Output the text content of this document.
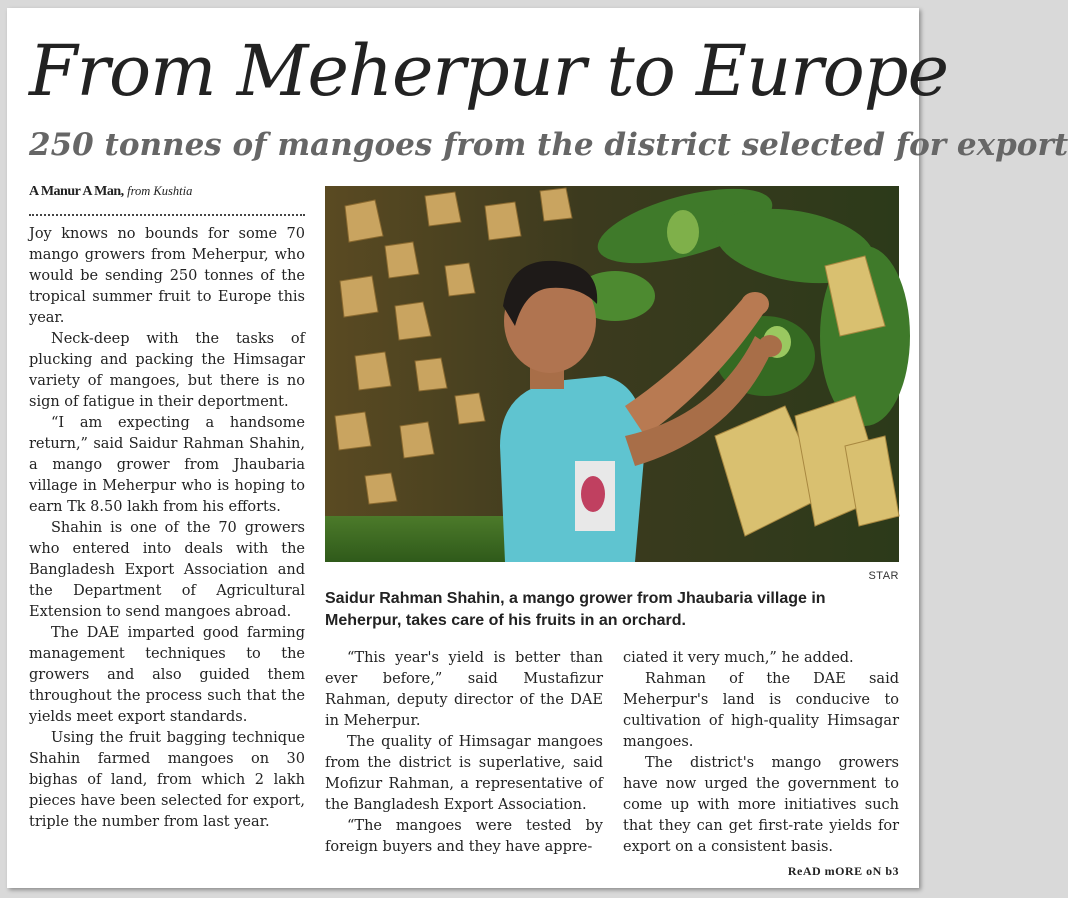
From Meherpur to Europe
250 tonnes of mangoes from the district selected for export
A Manur A Man, from Kushtia

Joy knows no bounds for some 70 mango growers from Meherpur, who would be sending 250 tonnes of the tropical summer fruit to Europe this year.

Neck-deep with the tasks of plucking and packing the Himsagar variety of mangoes, but there is no sign of fatigue in their deportment.

“I am expecting a handsome return,” said Saidur Rahman Shahin, a mango grower from Jhaubaria village in Meherpur who is hoping to earn Tk 8.50 lakh from his efforts.

Shahin is one of the 70 growers who entered into deals with the Bangladesh Export Association and the Department of Agricultural Extension to send mangoes abroad.

The DAE imparted good farming management techniques to the growers and also guided them throughout the process such that the yields meet export standards.

Using the fruit bagging technique Shahin farmed mangoes on 30 bighas of land, from which 2 lakh pieces have been selected for export, triple the number from last year.

STAR

Saidur Rahman Shahin, a mango grower from Jhaubaria village in Meherpur, takes care of his fruits in an orchard.

“This year's yield is better than ever before,” said Mustafizur Rahman, deputy director of the DAE in Meherpur.

The quality of Himsagar mangoes from the district is superlative, said Mofizur Rahman, a representative of the Bangladesh Export Association.

“The mangoes were tested by foreign buyers and they have appre-

ciated it very much,” he added.

Rahman of the DAE said Meherpur's land is conducive to cultivation of high-quality Himsagar mangoes.

The district's mango growers have now urged the government to come up with more initiatives such that they can get first-rate yields for export on a consistent basis.

ReAD mORE oN b3
